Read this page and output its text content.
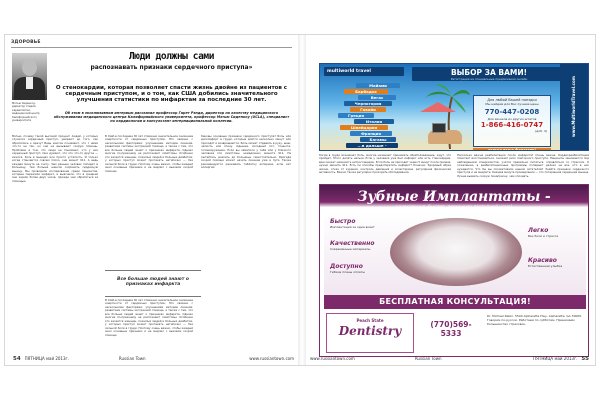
ЗДОРОВЬЕ
Мэтью Сиденкоу, директор отдела кардиологии, медицинский центр Калифорнийского университета
Люди должны сами
распознавать признаки сердечного приступа»
О стенокардии, которая позволяет спасти жизнь двойне из пациентов с сердечным приступом, и о том, как США добились значительного улучшения статистики по инфарктам за последние 30 лет.
Об этом в эксклюзивном интервью рассказал профессор Гарет Рэнди, директор по качеству медицинского обслуживания медицинского центра Калифорнийского университета, профессор Мэтью Сиденкоу (UCLA), специалист по кардиологии и консультант интернациональной коллегии.
Мэтью, почему такой высокий процент людей, у которых случился сердечный приступ, умирают до того, как обратились к врачу? Ведь многие понимают, что с ними что-то не так, но они не вызывают скорую помощь. Проблема в том, что люди не понимают, что у них сердечный приступ. Они думают, что это что-то другое — изжога, боль в мышцах или просто усталость. И только когда становится совсем плохо, они звонят 911. А ведь каждая минута на счету. Чем раньше человек попадет в больницу, тем больше шансов сохранить сердечную мышцу. Мы проводили исследование среди пациентов, которые пережили инфаркт, и выяснили, что в среднем они ждали более двух часов, прежде чем обратиться за помощью.
В США в последние 30 лет отмечено значительное снижение смертности от сердечных приступов. Это связано с несколькими факторами: улучшением методов лечения, развитием системы экстренной помощи, а также с тем, что все больше людей знают о признаках инфаркта. Однако многие по-прежнему не распознают симптомы. Особенно это касается женщин, пожилых людей и больных диабетом, у которых приступ может протекать нетипично — без сильной боли в груди. Поэтому очень важно, чтобы каждый знал основные признаки и не медлил с вызовом скорой помощи.
Все больше людей знают о признаках инфаркта
В США в последние 30 лет отмечено значительное снижение смертности от сердечных приступов. Это связано с несколькими факторами: улучшением методов лечения, развитием системы экстренной помощи, а также с тем, что все больше людей знают о признаках инфаркта. Однако многие по-прежнему не распознают симптомы. Особенно это касается женщин, пожилых людей и больных диабетом, у которых приступ может протекать нетипично — без сильной боли в груди. Поэтому очень важно, чтобы каждый знал основные признаки и не медлил с вызовом скорой помощи.
Каковы основные признаки сердечного приступа? Боль или дискомфорт в груди, которые длятся несколько минут или проходят и возвращаются. Боль может отдавать в руку, шею, челюсть или спину. Одышка, холодный пот, тошнота, головокружение. Если вы заметили у себя или у близкого человека эти симптомы, немедленно звоните 911. Не пытайтесь доехать до больницы самостоятельно. Бригада скорой помощи может начать лечение уже в пути. Также рекомендуется разжевать таблетку аспирина, если нет аллергии.
54 ПЯТНИЦА май 2013г.	Russian Town	www.russiantown.com
multiworld travel	ВЫБОР ЗА ВАМИ!
Регистрация на специальные предложения онлайн
Майами
Барбадос
Вегас
Черногория
Гавайи
Греция
Италия
Швейцария
Франция
Багамы
...в дальше -
Для любой Вашей поездки
Мы найдем для Вас лучшие цены
770-447-0208
Для звонков из других штатов
1-866-416-0747
(доб. 4)
только ваша фантазия!
www.MultiworldTravel.com
Когда в груди возникает боль, многие начинают принимать обезболивающие, ждут, что пройдет. Этого делать нельзя. Если у человека уже был инфаркт или есть стенокардия, врач может назначить нитроглицерин. Если боль не проходит через 5 минут после приема, нужно звонить 911. Есть ли способы предотвратить инфаркт? Конечно. Здоровый образ жизни, отказ от курения, контроль давления и холестерина, регулярная физическая активность. Важно также регулярно проходить обследования.
Насколько важна реабилитация после инфаркта? Очень важна. Кардиореабилитация помогает восстановиться, снижает риск повторного приступа. Пациенты занимаются под наблюдением специалистов, учатся правильно питаться, справляться со стрессом. К сожалению, в реабилитационные программы попадают далеко не все, кто в них нуждается. Что бы вы посоветовали нашим читателям? Знайте признаки сердечного приступа и не медлите. Каждая минута промедления — это потерянная сердечная мышца. Лучше вызвать скорую понапрасну, чем опоздать.
Зубные Имплантаты -
качественно, быстро, легко и по доступной цене!
Быстро
Имплантация за один визит
Качественно
Современные материалы
Доступно
Гибкие планы оплаты
Легко
Без боли и стресса
Красиво
Естественная улыбка
БЕСПЛАТНАЯ КОНСУЛЬТАЦИЯ!
Peach State
Dentistry	(770)569-5333
Dr. Michael Rabin. 5500 Alpharetta Hwy, Alpharetta, GA 30005. Говорим по-русски. Работаем по субботам. Принимаем большинство страховок.
www.russiantown.com	Russian Town	ПЯТНИЦА май 2013г. 55
